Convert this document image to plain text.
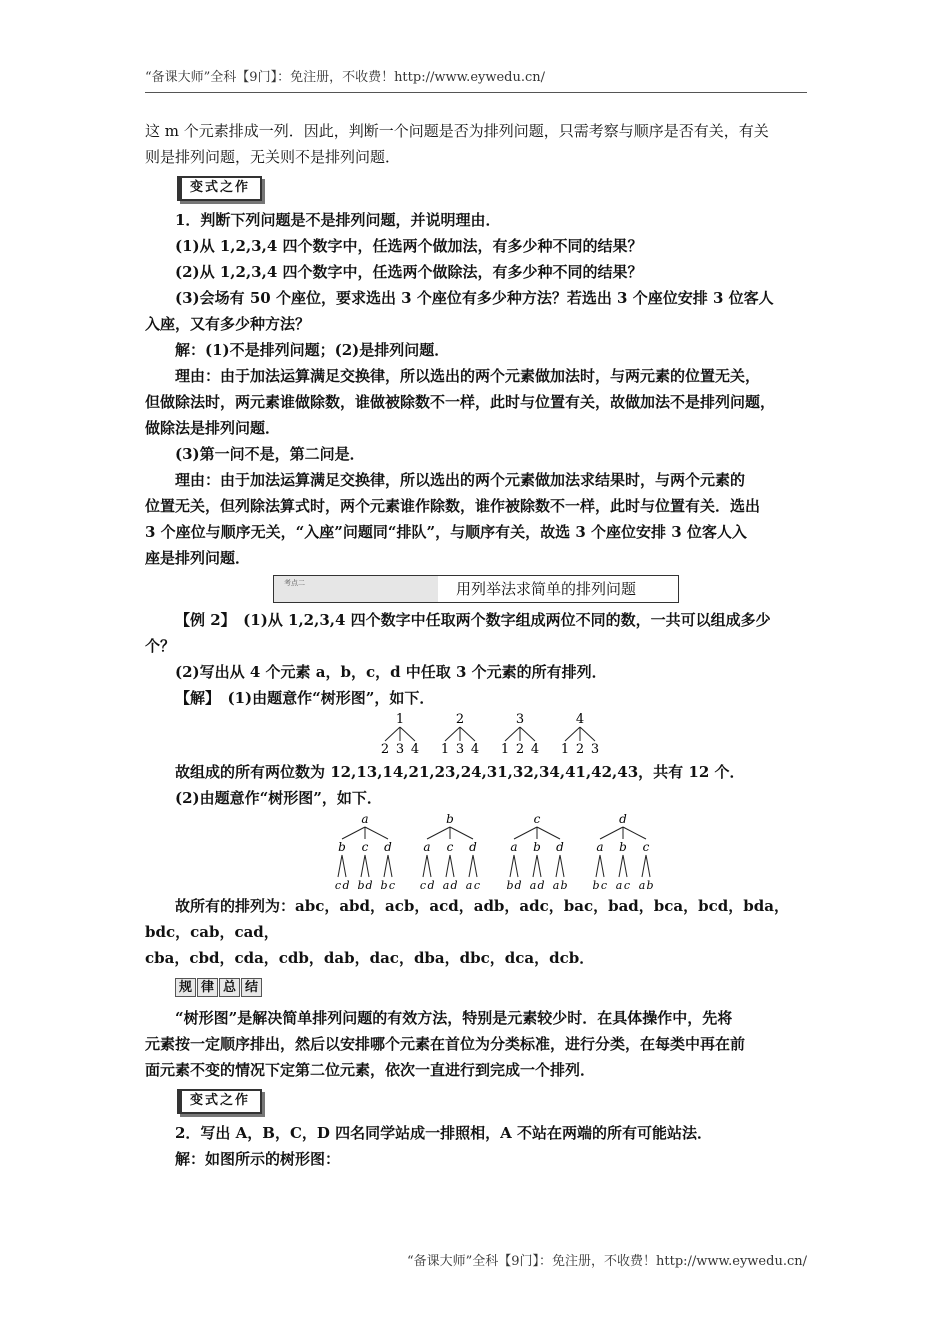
“备课大师”全科【9门】：免注册，不收费！http://www.eywedu.cn/

这 m 个元素排成一列．因此，判断一个问题是否为排列问题，只需考察与顺序是否有关，有关

则是排列问题，无关则不是排列问题．

变式之作

1．判断下列问题是不是排列问题，并说明理由．

(1)从 1,2,3,4 四个数字中，任选两个做加法，有多少种不同的结果？

(2)从 1,2,3,4 四个数字中，任选两个做除法，有多少种不同的结果？

(3)会场有 50 个座位，要求选出 3 个座位有多少种方法？若选出 3 个座位安排 3 位客人

入座，又有多少种方法？

解：(1)不是排列问题；(2)是排列问题．

理由：由于加法运算满足交换律，所以选出的两个元素做加法时，与两元素的位置无关，

但做除法时，两元素谁做除数，谁做被除数不一样，此时与位置有关，故做加法不是排列问题，

做除法是排列问题．

(3)第一问不是，第二问是．

理由：由于加法运算满足交换律，所以选出的两个元素做加法求结果时，与两个元素的

位置无关，但列除法算式时，两个元素谁作除数，谁作被除数不一样，此时与位置有关．选出

3 个座位与顺序无关，“入座”问题同“排队”，与顺序有关，故选 3 个座位安排 3 位客人入

座是排列问题．

考点二	用列举法求简单的排列问题

【例 2】　(1)从 1,2,3,4 四个数字中任取两个数字组成两位不同的数，一共可以组成多少

个？

(2)写出从 4 个元素 a，b，c，d 中任取 3 个元素的所有排列．

【解】　(1)由题意作“树形图”，如下．

1
2 3 4
2
1 3 4
3
1 2 4
4
1 2 3

故组成的所有两位数为 12,13,14,21,23,24,31,32,34,41,42,43，共有 12 个．

(2)由题意作“树形图”，如下．

a
b
c d
c
b d
d
b c
b
a
c d
c
a d
d
a c
c
a
b d
b
a d
d
a b
d
a
b c
b
a c
c
a b

故所有的排列为：abc，abd，acb，acd，adb，adc，bac，bad，bca，bcd，bda，bdc，cab，cad，

cba，cbd，cda，cdb，dab，dac，dba，dbc，dca，dcb．

规 律 总 结

“树形图”是解决简单排列问题的有效方法，特别是元素较少时．在具体操作中，先将

元素按一定顺序排出，然后以安排哪个元素在首位为分类标准，进行分类，在每类中再在前

面元素不变的情况下定第二位元素，依次一直进行到完成一个排列．

变式之作

2．写出 A，B，C，D 四名同学站成一排照相，A 不站在两端的所有可能站法．

解：如图所示的树形图：

“备课大师”全科【9门】：免注册，不收费！http://www.eywedu.cn/
